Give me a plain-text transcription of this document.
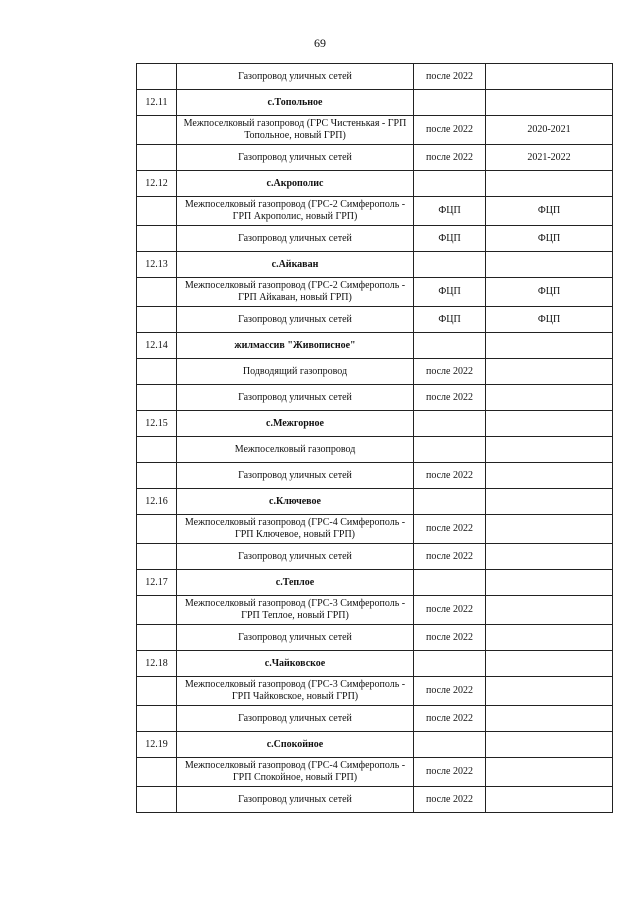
69
	Газопровод уличных сетей	после 2022	
12.11	с.Топольное		
	Межпоселковый газопровод (ГРС Чистенькая - ГРП Топольное, новый ГРП)	после 2022	2020-2021
	Газопровод уличных сетей	после 2022	2021-2022
12.12	с.Акрополис		
	Межпоселковый газопровод (ГРС-2 Симферополь - ГРП Акрополис, новый ГРП)	ФЦП	ФЦП
	Газопровод уличных сетей	ФЦП	ФЦП
12.13	с.Айкаван		
	Межпоселковый газопровод (ГРС-2 Симферополь - ГРП Айкаван, новый ГРП)	ФЦП	ФЦП
	Газопровод уличных сетей	ФЦП	ФЦП
12.14	жилмассив "Живописное"		
	Подводящий газопровод	после 2022	
	Газопровод уличных сетей	после 2022	
12.15	с.Межгорное		
	Межпоселковый газопровод		
	Газопровод уличных сетей	после 2022	
12.16	с.Ключевое		
	Межпоселковый газопровод (ГРС-4 Симферополь - ГРП Ключевое, новый ГРП)	после 2022	
	Газопровод уличных сетей	после 2022	
12.17	с.Теплое		
	Межпоселковый газопровод (ГРС-3 Симферополь - ГРП Теплое, новый ГРП)	после 2022	
	Газопровод уличных сетей	после 2022	
12.18	с.Чайковское		
	Межпоселковый газопровод (ГРС-3 Симферополь - ГРП Чайковское, новый ГРП)	после 2022	
	Газопровод уличных сетей	после 2022	
12.19	с.Спокойное		
	Межпоселковый газопровод (ГРС-4 Симферополь - ГРП Спокойное, новый ГРП)	после 2022	
	Газопровод уличных сетей	после 2022	
